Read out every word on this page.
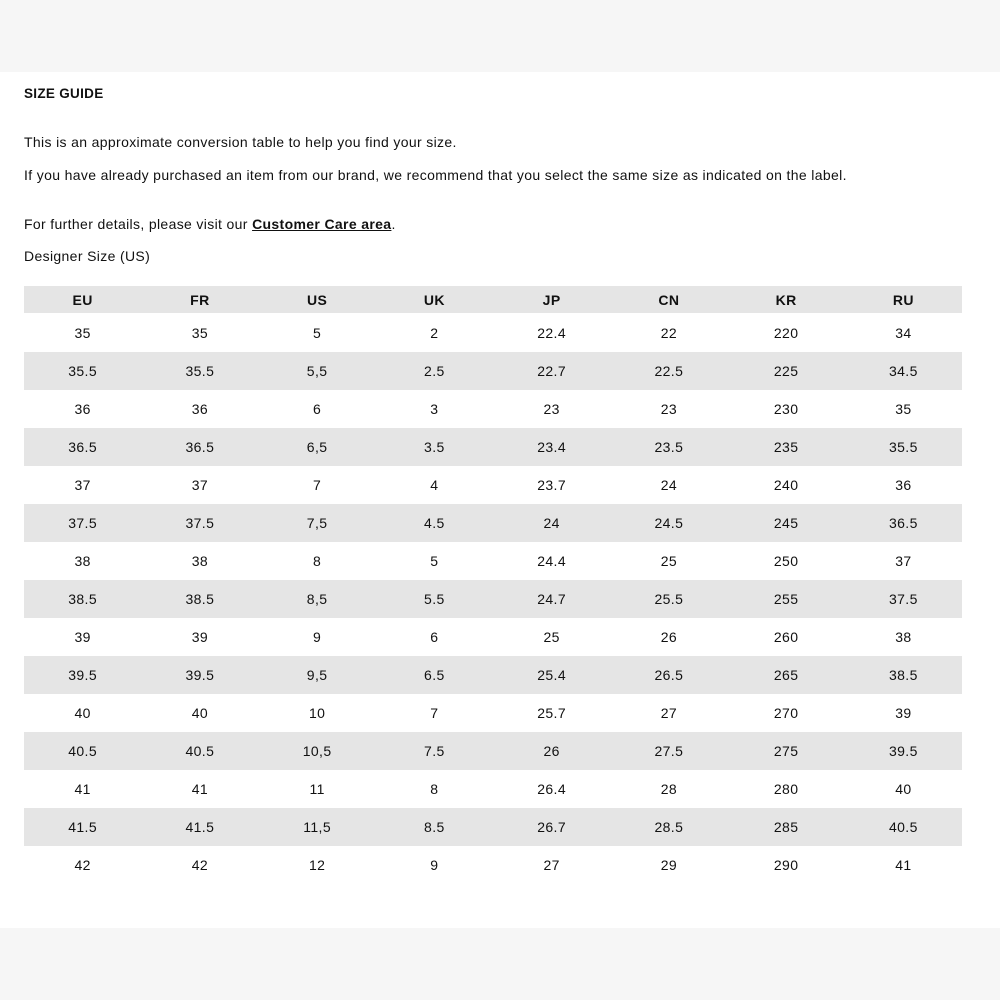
SIZE GUIDE
This is an approximate conversion table to help you find your size.
If you have already purchased an item from our brand, we recommend that you select the same size as indicated on the label.
For further details, please visit our Customer Care area.
Designer Size (US)
EU	FR	US	UK	JP	CN	KR	RU
35	35	5	2	22.4	22	220	34
35.5	35.5	5,5	2.5	22.7	22.5	225	34.5
36	36	6	3	23	23	230	35
36.5	36.5	6,5	3.5	23.4	23.5	235	35.5
37	37	7	4	23.7	24	240	36
37.5	37.5	7,5	4.5	24	24.5	245	36.5
38	38	8	5	24.4	25	250	37
38.5	38.5	8,5	5.5	24.7	25.5	255	37.5
39	39	9	6	25	26	260	38
39.5	39.5	9,5	6.5	25.4	26.5	265	38.5
40	40	10	7	25.7	27	270	39
40.5	40.5	10,5	7.5	26	27.5	275	39.5
41	41	11	8	26.4	28	280	40
41.5	41.5	11,5	8.5	26.7	28.5	285	40.5
42	42	12	9	27	29	290	41
